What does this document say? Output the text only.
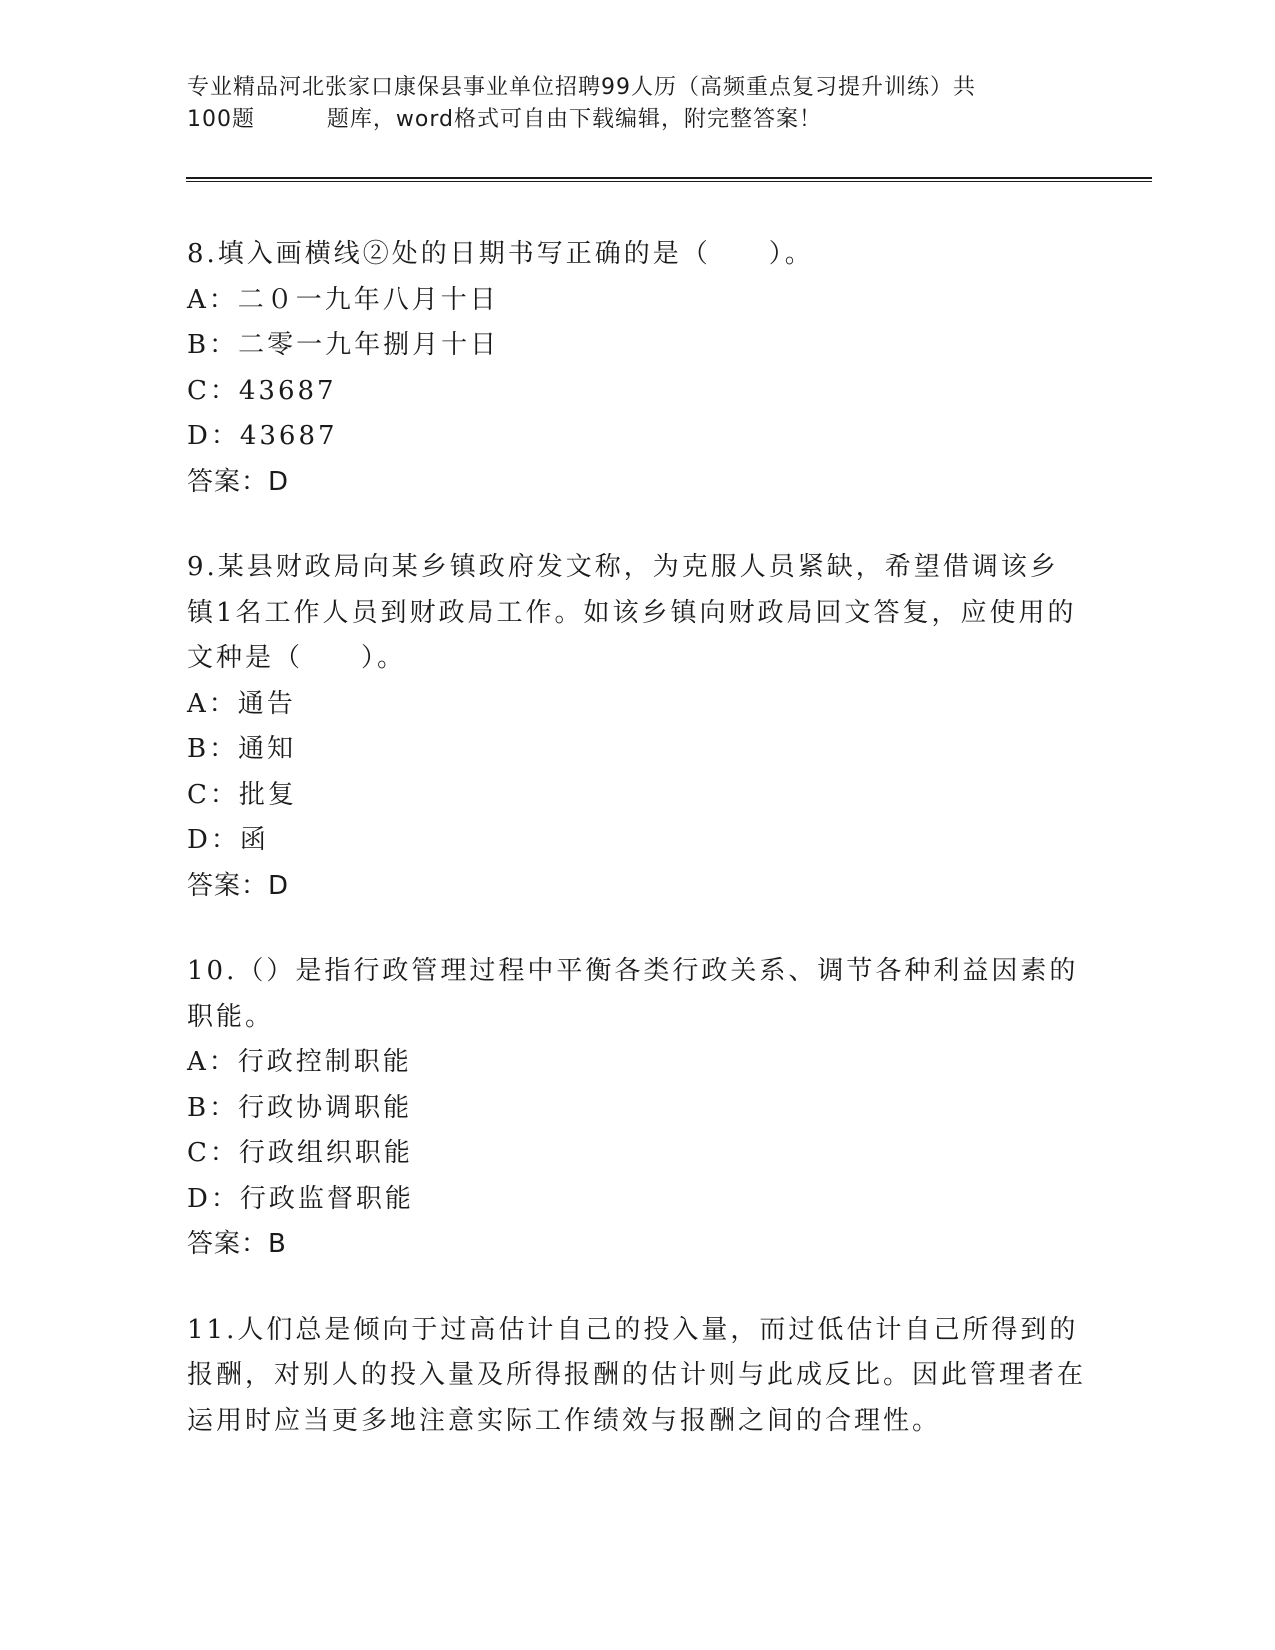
专业精品河北张家口康保县事业单位招聘99人历（高频重点复习提升训练）共
100题         题库，word格式可自由下载编辑，附完整答案！

8.填入画横线②处的日期书写正确的是（　　）。

A：二０一九年八月十日

B：二零一九年捌月十日

C：43687

D：43687

答案：D

9.某县财政局向某乡镇政府发文称，为克服人员紧缺，希望借调该乡镇1名工作人员到财政局工作。如该乡镇向财政局回文答复，应使用的文种是（　　）。

A：通告

B：通知

C：批复

D：函

答案：D

10.（）是指行政管理过程中平衡各类行政关系、调节各种利益因素的职能。

A：行政控制职能

B：行政协调职能

C：行政组织职能

D：行政监督职能

答案：B

11.人们总是倾向于过高估计自己的投入量，而过低估计自己所得到的报酬，对别人的投入量及所得报酬的估计则与此成反比。因此管理者在运用时应当更多地注意实际工作绩效与报酬之间的合理性。
